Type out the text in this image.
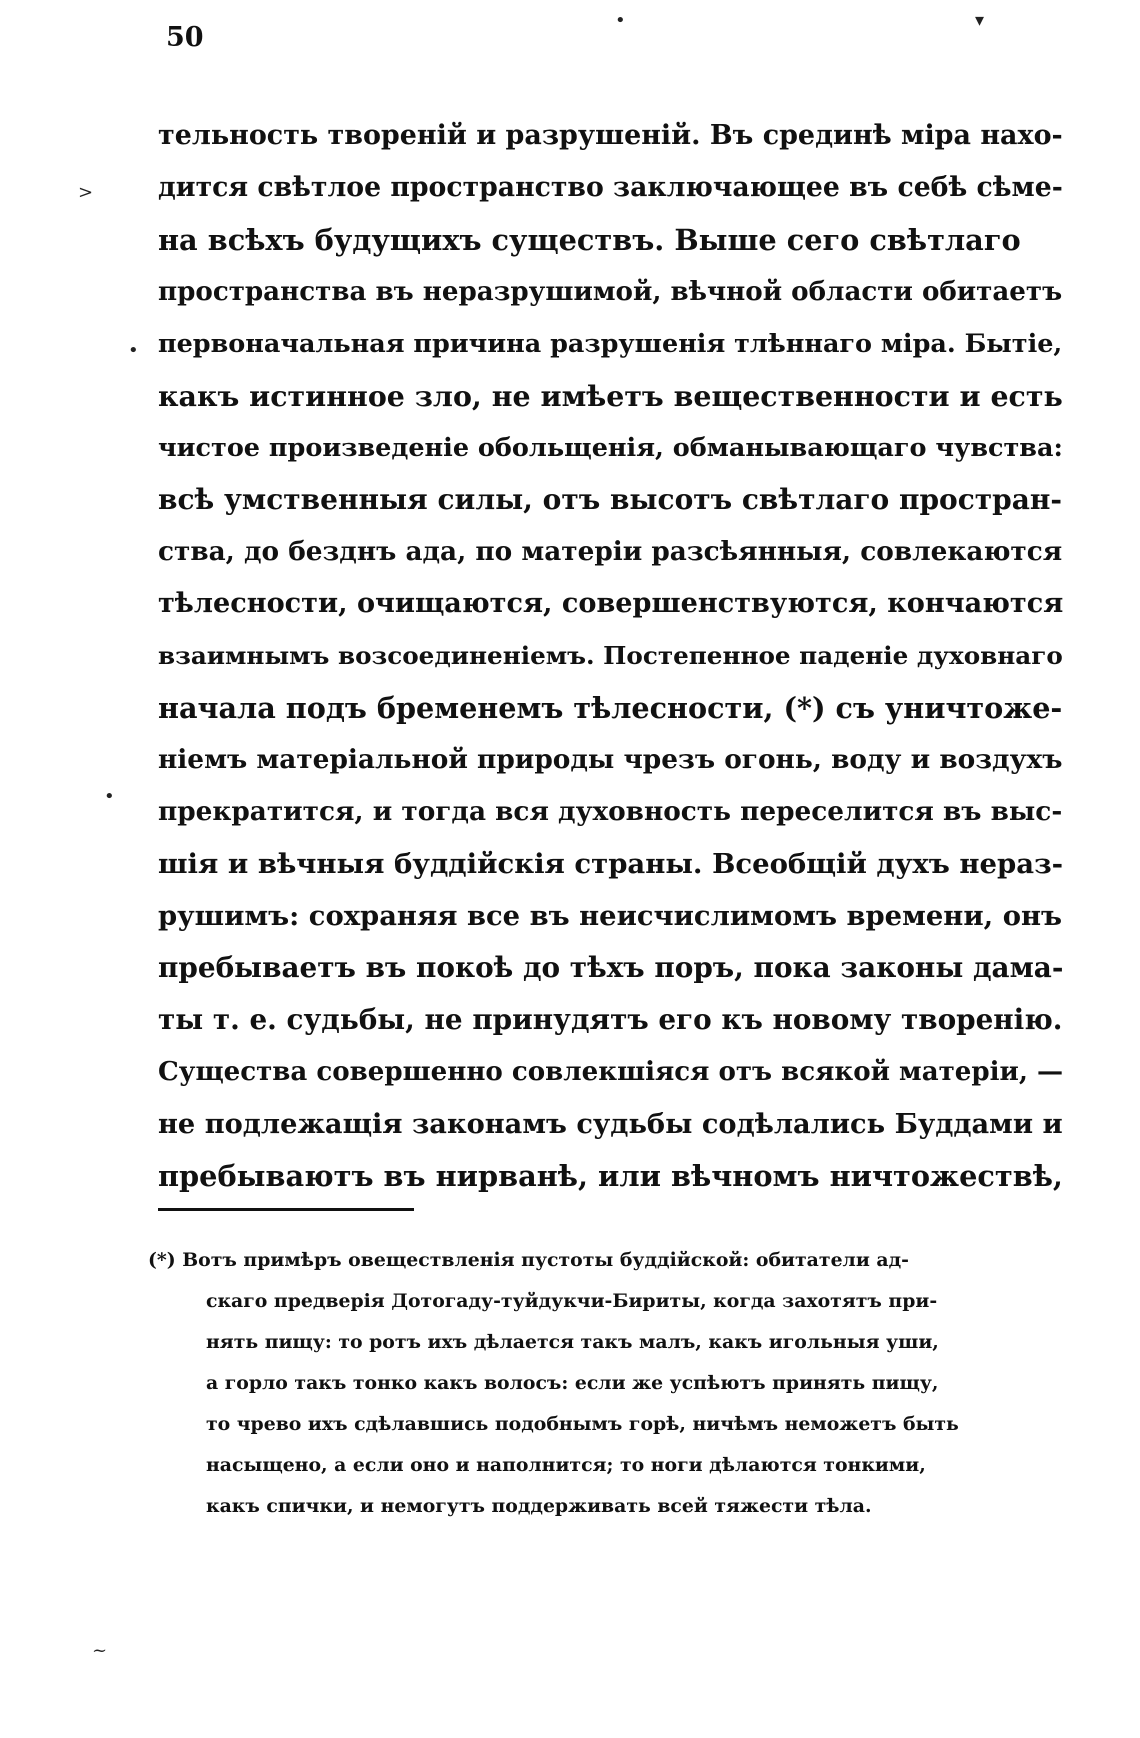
50
тельность твореній и разрушеній. Въ срединѣ міра нахо-
дится свѣтлое пространство заключающее въ себѣ сѣме-
на всѣхъ будущихъ существъ. Выше сего свѣтлаго
пространства въ неразрушимой, вѣчной области обитаетъ
первоначальная причина разрушенія тлѣннаго міра. Бытіе,
какъ истинное зло, не имѣетъ вещественности и есть
чистое произведеніе обольщенія, обманывающаго чувства:
всѣ умственныя силы, отъ высотъ свѣтлаго простран-
ства, до безднъ ада, по матеріи разсѣянныя, совлекаются
тѣлесности, очищаются, совершенствуются, кончаются
взаимнымъ возсоединеніемъ. Постепенное паденіе духовнаго
начала подъ бременемъ тѣлесности, (*) съ уничтоже-
ніемъ матеріальной природы чрезъ огонь, воду и воздухъ
прекратится, и тогда вся духовность переселится въ выс-
шія и вѣчныя буддійскія страны. Всеобщій духъ нераз-
рушимъ: сохраняя все въ неисчислимомъ времени, онъ
пребываетъ въ покоѣ до тѣхъ поръ, пока законы дама-
ты т. е. судьбы, не принудятъ его къ новому творенію.
Существа совершенно совлекшіяся отъ всякой матеріи, —
не подлежащія законамъ судьбы содѣлались Буддами и
пребываютъ въ нирванѣ, или вѣчномъ ничтожествѣ,
(*) Вотъ примѣръ овеществленія пустоты буддійской: обитатели ад-
скаго предверія Дотогаду-туйдукчи-Бириты, когда захотятъ при-
нять пищу: то ротъ ихъ дѣлается такъ малъ, какъ игольныя уши,
а горло такъ тонко какъ волосъ: если же успѣютъ принять пищу,
то чрево ихъ сдѣлавшись подобнымъ горѣ, ничѣмъ неможетъ быть
насыщено, а если оно и наполнится; то ноги дѣлаются тонкими,
какъ спички, и немогутъ поддерживать всей тяжести тѣла.
•	▾
>
•
•
~
